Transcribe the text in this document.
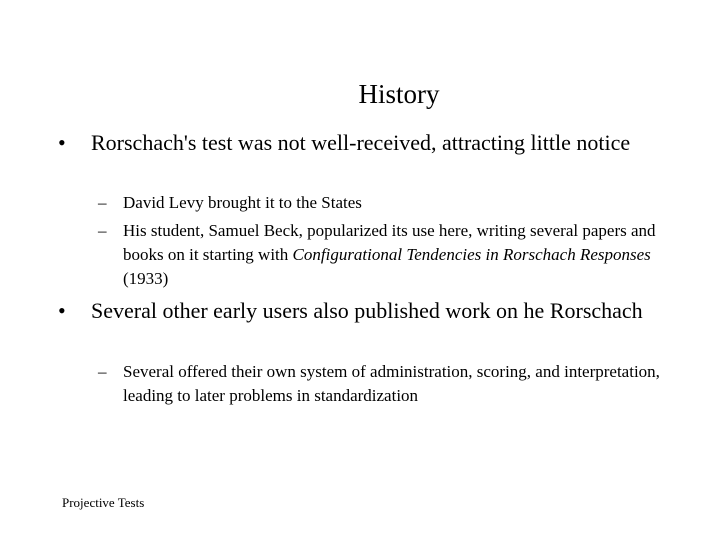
History
• Rorschach's test was not well-received, attracting little notice
– David Levy brought it to the States
– His student, Samuel Beck, popularized its use here, writing several papers and books on it starting with Configurational Tendencies in Rorschach Responses (1933)
• Several other early users also published work on he Rorschach
– Several offered their own system of administration, scoring, and interpretation, leading to later problems in standardization
Projective Tests
